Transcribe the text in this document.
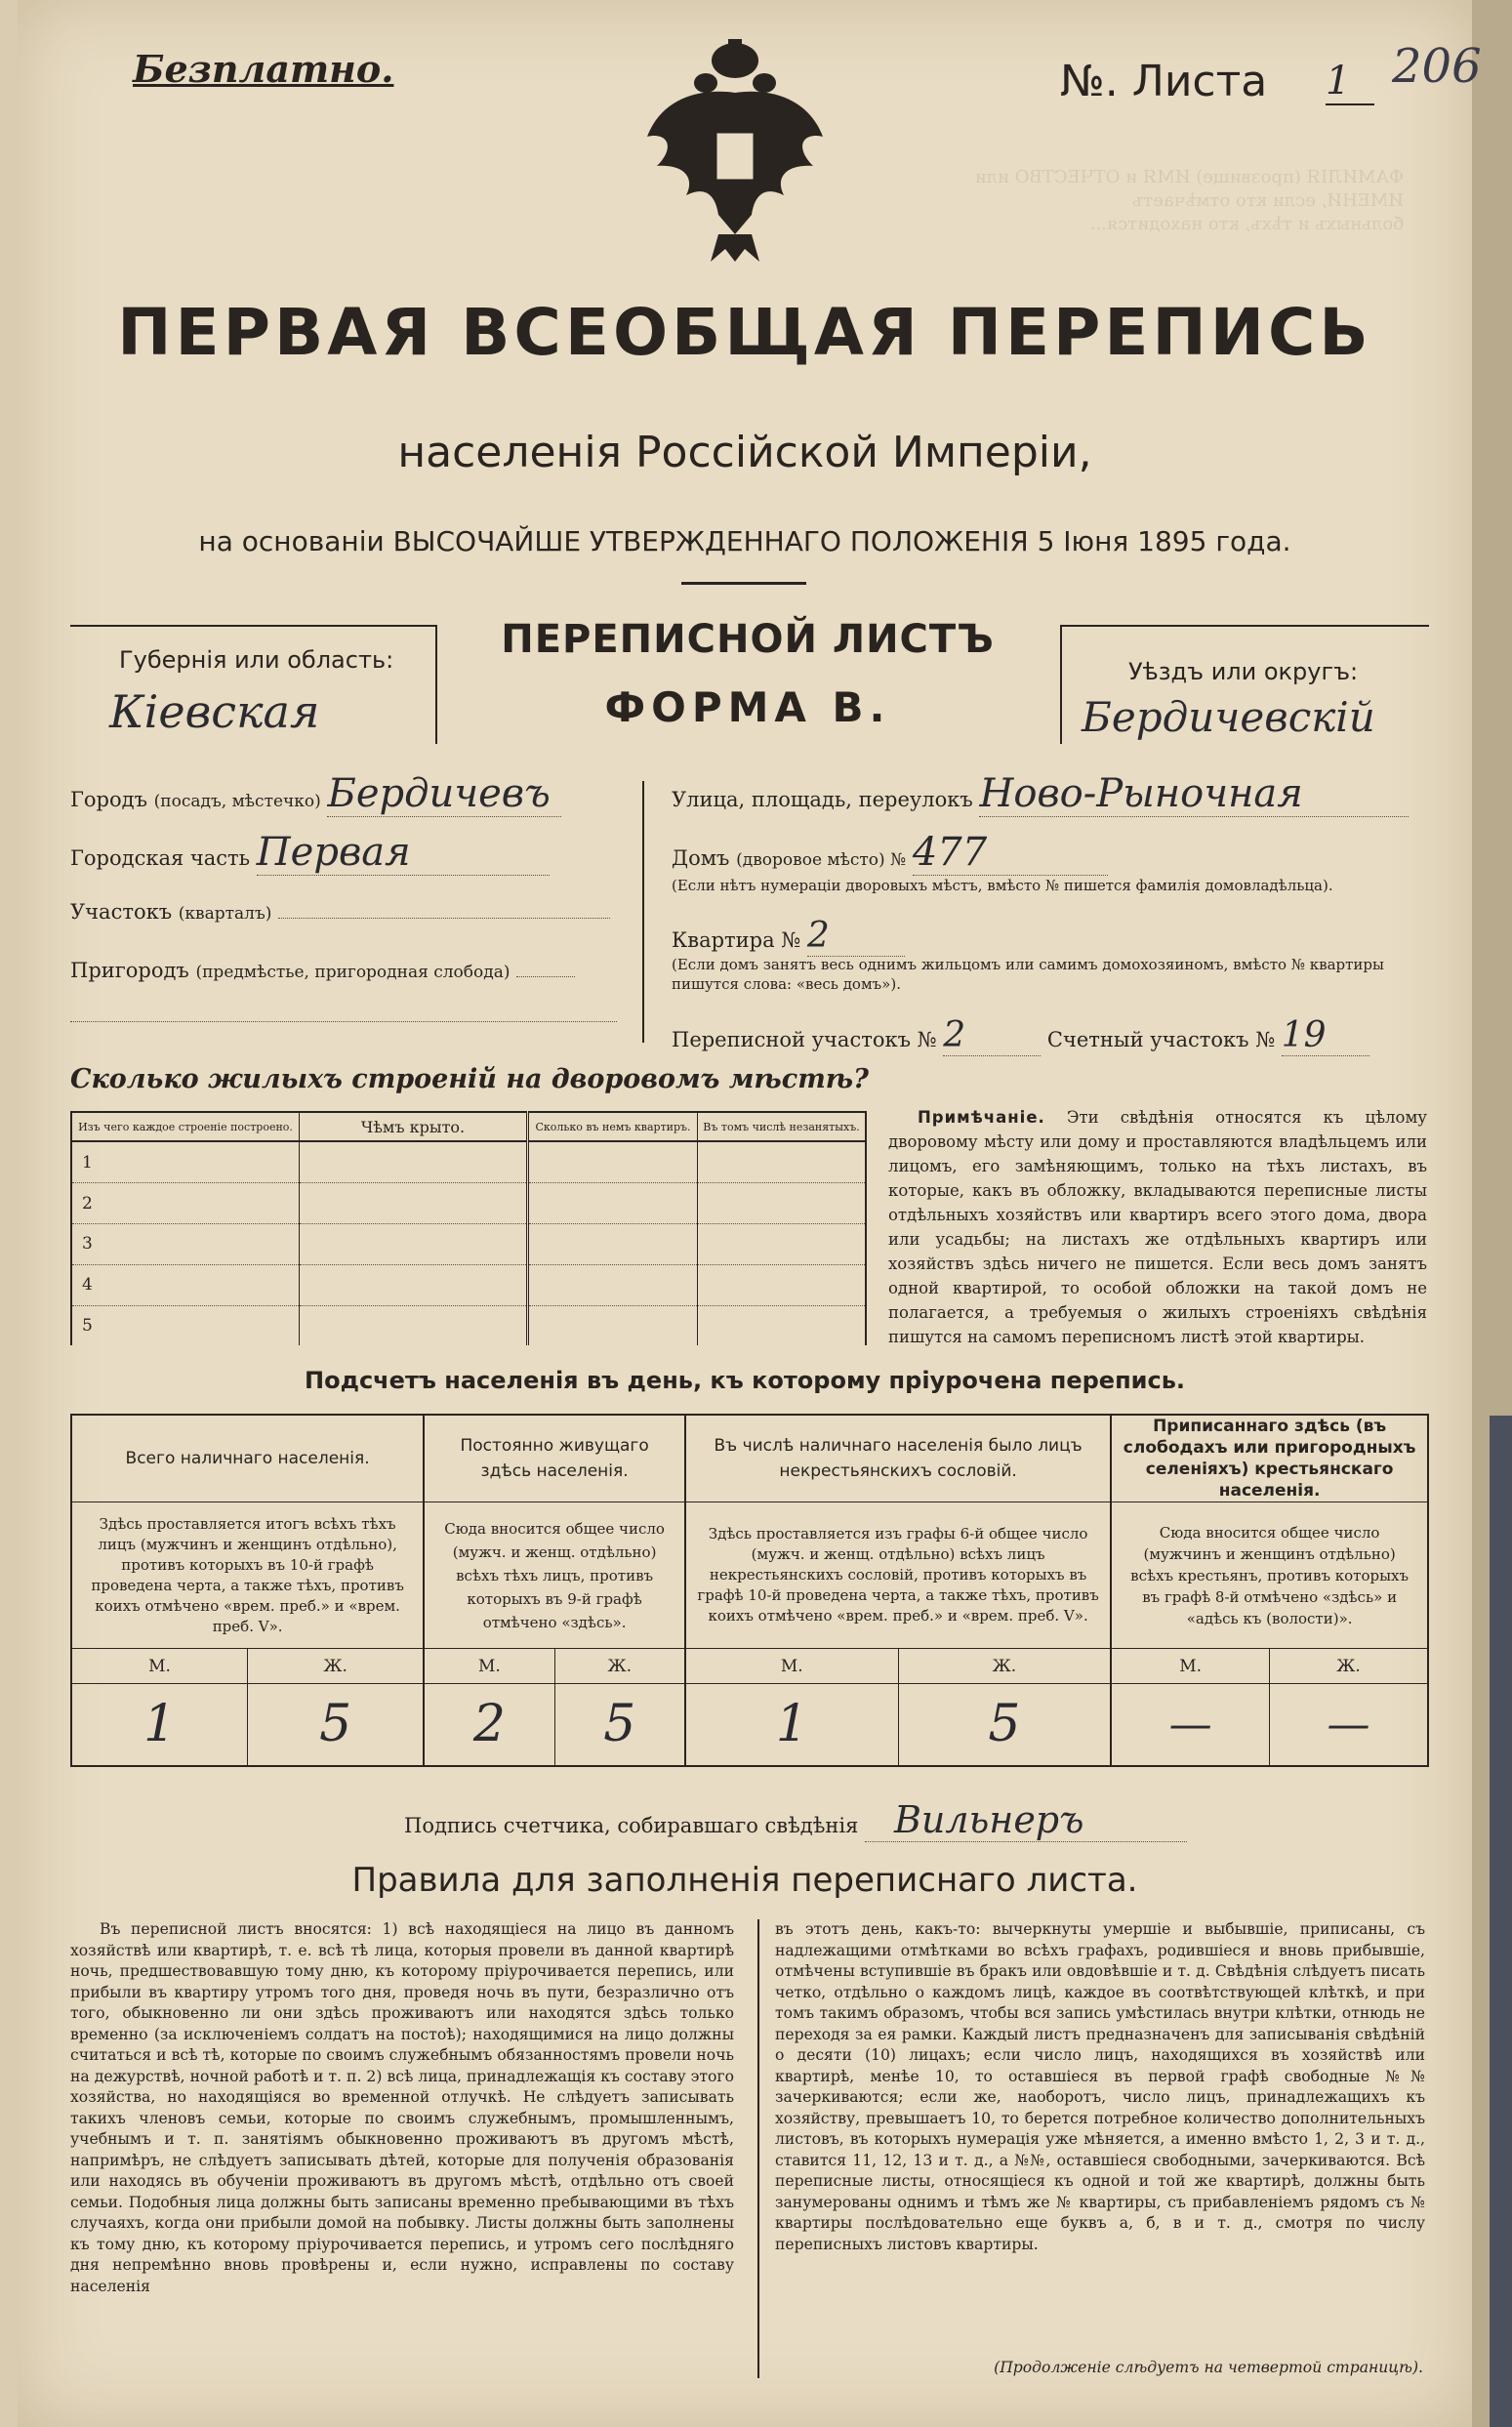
ФАМИЛІЯ (прозвище) ИМЯ и ОТЧЕСТВО или
ИМЕНИ, если кто отмѣчаетъ
больныхъ и тѣхъ, кто находится...
Безплатно.	№. Листа 1 206
ПЕРВАЯ ВСЕОБЩАЯ ПЕРЕПИСЬ
населенія Россійской Имперіи,
на основаніи ВЫСОЧАЙШЕ УТВЕРЖДЕННАГО ПОЛОЖЕНІЯ 5 Іюня 1895 года.
Губернія или область:
Кіевская
Уѣздъ или округъ:
Бердичевскій
ПЕРЕПИСНОЙ ЛИСТЪ
ФОРМА В.
Городъ (посадъ, мѣстечко) Бердичевъ
Городская часть Первая
Участокъ (кварталъ)
Пригородъ (предмѣстье, пригородная слобода)
Улица, площадь, переулокъ Ново-Рыночная
Домъ (дворовое мѣсто) № 477
(Если нѣтъ нумераціи дворовыхъ мѣстъ, вмѣсто № пишется фамилія домовладѣльца).
Квартира № 2
(Если домъ занятъ весь однимъ жильцомъ или самимъ домохозяиномъ, вмѣсто № квартиры пишутся слова: «весь домъ»).
Переписной участокъ № 2	Счетный участокъ № 19
Сколько жилыхъ строеній на дворовомъ мѣстѣ?
Изъ чего каждое строеніе построено.	Чѣмъ крыто.	Сколько въ немъ квартиръ.	Въ томъ числѣ незанятыхъ.
1			
2			
3			
4			
5			
Примѣчаніе. Эти свѣдѣнія относятся къ цѣлому дворовому мѣсту или дому и проставляются владѣльцемъ или лицомъ, его замѣняющимъ, только на тѣхъ листахъ, въ которые, какъ въ обложку, вкладываются переписные листы отдѣльныхъ хозяйствъ или квартиръ всего этого дома, двора или усадьбы; на листахъ же отдѣльныхъ квартиръ или хозяйствъ здѣсь ничего не пишется. Если весь домъ занятъ одной квартирой, то особой обложки на такой домъ не полагается, а требуемыя о жилыхъ строеніяхъ свѣдѣнія пишутся на самомъ переписномъ листѣ этой квартиры.
Подсчетъ населенія въ день, къ которому пріурочена перепись.
Всего наличнаго населенія.		Постоянно живущаго здѣсь населенія.		Въ числѣ наличнаго населенія было лицъ некрестьянскихъ сословій.		Приписаннаго здѣсь (въ слободахъ или пригородныхъ селеніяхъ) крестьянскаго населенія.	
Здѣсь проставляется итогъ всѣхъ тѣхъ лицъ (мужчинъ и женщинъ отдѣльно), противъ которыхъ въ 10-й графѣ проведена черта, а также тѣхъ, противъ коихъ отмѣчено «врем. преб.» и «врем. преб. V».		Сюда вносится общее число (мужч. и женщ. отдѣльно) всѣхъ тѣхъ лицъ, противъ которыхъ въ 9-й графѣ отмѣчено «здѣсь».		Здѣсь проставляется изъ графы 6-й общее число (мужч. и женщ. отдѣльно) всѣхъ лицъ некрестьянскихъ сословій, противъ которыхъ въ графѣ 10-й проведена черта, а также тѣхъ, противъ коихъ отмѣчено «врем. преб.» и «врем. преб. V».		Сюда вносится общее число (мужчинъ и женщинъ отдѣльно) всѣхъ крестьянъ, противъ которыхъ въ графѣ 8-й отмѣчено «здѣсь» и «адѣсь къ (волости)».	
М.	Ж.	М.	Ж.	М.	Ж.	М.	Ж.
1	5	2	5	1	5	—	—
Подпись счетчика, собиравшаго свѣдѣнія Вильнеръ
Правила для заполненія переписнаго листа.
Въ переписной листъ вносятся: 1) всѣ находящіеся на лицо въ данномъ хозяйствѣ или квартирѣ, т. е. всѣ тѣ лица, которыя провели въ данной квартирѣ ночь, предшествовавшую тому дню, къ которому пріурочивается перепись, или прибыли въ квартиру утромъ того дня, проведя ночь въ пути, безразлично отъ того, обыкновенно ли они здѣсь проживаютъ или находятся здѣсь только временно (за исключеніемъ солдатъ на постоѣ); находящимися на лицо должны считаться и всѣ тѣ, которые по своимъ служебнымъ обязанностямъ провели ночь на дежурствѣ, ночной работѣ и т. п. 2) всѣ лица, принадлежащія къ составу этого хозяйства, но находящіяся во временной отлучкѣ. Не слѣдуетъ записывать такихъ членовъ семьи, которые по своимъ служебнымъ, промышленнымъ, учебнымъ и т. п. занятіямъ обыкновенно проживаютъ въ другомъ мѣстѣ, напримѣръ, не слѣдуетъ записывать дѣтей, которые для полученія образованія или находясь въ обученіи проживаютъ въ другомъ мѣстѣ, отдѣльно отъ своей семьи. Подобныя лица должны быть записаны временно пребывающими въ тѣхъ случаяхъ, когда они прибыли домой на побывку. Листы должны быть заполнены къ тому дню, къ которому пріурочивается перепись, и утромъ сего послѣдняго дня непремѣнно вновь провѣрены и, если нужно, исправлены по составу населенія
въ этотъ день, какъ-то: вычеркнуты умершіе и выбывшіе, приписаны, съ надлежащими отмѣтками во всѣхъ графахъ, родившіеся и вновь прибывшіе, отмѣчены вступившіе въ бракъ или овдовѣвшіе и т. д. Свѣдѣнія слѣдуетъ писать четко, отдѣльно о каждомъ лицѣ, каждое въ соотвѣтствующей клѣткѣ, и при томъ такимъ образомъ, чтобы вся запись умѣстилась внутри клѣтки, отнюдь не переходя за ея рамки. Каждый листъ предназначенъ для записыванія свѣдѣній о десяти (10) лицахъ; если число лицъ, находящихся въ хозяйствѣ или квартирѣ, менѣе 10, то оставшіеся въ первой графѣ свободные №№ зачеркиваются; если же, наоборотъ, число лицъ, принадлежащихъ къ хозяйству, превышаетъ 10, то берется потребное количество дополнительныхъ листовъ, въ которыхъ нумерація уже мѣняется, а именно вмѣсто 1, 2, 3 и т. д., ставится 11, 12, 13 и т. д., а №№, оставшіеся свободными, зачеркиваются. Всѣ переписные листы, относящіеся къ одной и той же квартирѣ, должны быть занумерованы однимъ и тѣмъ же № квартиры, съ прибавленіемъ рядомъ съ № квартиры послѣдовательно еще буквъ а, б, в и т. д., смотря по числу переписныхъ листовъ квартиры.
(Продолженіе слѣдуетъ на четвертой страницѣ).
